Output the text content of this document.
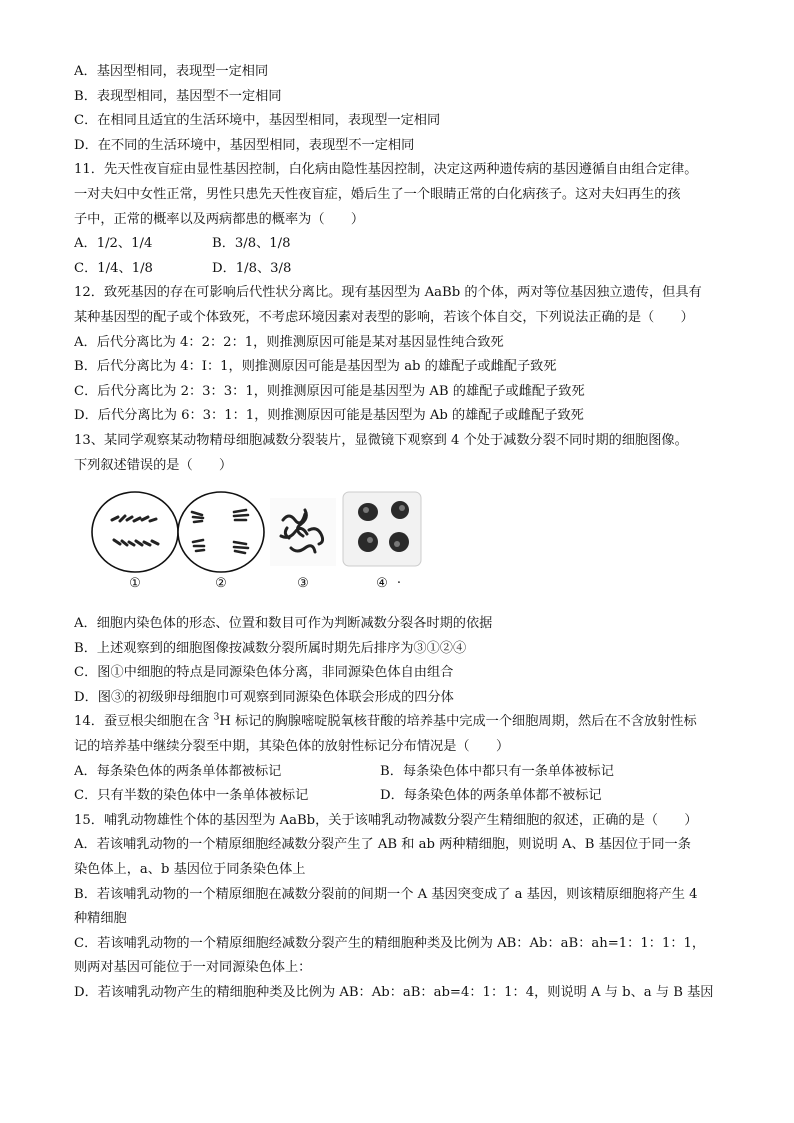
A．基因型相同，表现型一定相同
B．表现型相同，基因型不一定相同
C．在相同且适宜的生活环境中，基因型相同，表现型一定相同
D．在不同的生活环境中，基因型相同，表现型不一定相同
11．先天性夜盲症由显性基因控制，白化病由隐性基因控制，决定这两种遗传病的基因遵循自由组合定律。
一对夫妇中女性正常，男性只患先天性夜盲症，婚后生了一个眼睛正常的白化病孩子。这对夫妇再生的孩
子中，正常的概率以及两病都患的概率为（　　）
A．1/2、1/4	B．3/8、1/8
C．1/4、1/8	D．1/8、3/8
12．致死基因的存在可影响后代性状分离比。现有基因型为 AaBb 的个体，两对等位基因独立遗传，但具有
某种基因型的配子或个体致死，不考虑环境因素对表型的影响，若该个体自交，下列说法正确的是（　　）
A．后代分离比为 4：2：2：1，则推测原因可能是某对基因显性纯合致死
B．后代分离比为 4：I：1，则推测原因可能是基因型为 ab 的雄配子或雌配子致死
C．后代分离比为 2：3：3：1，则推测原因可能是基因型为 AB 的雄配子或雌配子致死
D．后代分离比为 6：3：1：1，则推测原因可能是基因型为 Ab 的雄配子或雌配子致死
13、某同学观察某动物精母细胞减数分裂装片，显微镜下观察到 4 个处于减数分裂不同时期的细胞图像。
下列叙述错误的是（　　）
①	②	③	④ .
A．细胞内染色体的形态、位置和数目可作为判断减数分裂各时期的依据
B．上述观察到的细胞图像按减数分裂所属时期先后排序为③①②④
C．图①中细胞的特点是同源染色体分离，非同源染色体自由组合
D．图③的初级卵母细胞巾可观察到同源染色体联会形成的四分体
14．蚕豆根尖细胞在含 $^3$H 标记的胸腺嘧啶脱氧核苷酸的培养基中完成一个细胞周期，然后在不含放射性标
记的培养基中继续分裂至中期，其染色体的放射性标记分布情况是（　　）
A．每条染色体的两条单体都被标记	B．每条染色体中都只有一条单体被标记
C．只有半数的染色体中一条单体被标记	D．每条染色体的两条单体都不被标记
15．哺乳动物雄性个体的基因型为 AaBb，关于该哺乳动物减数分裂产生精细胞的叙述，正确的是（　　）
A．若该哺乳动物的一个精原细胞经减数分裂产生了 AB 和 ab 两种精细胞，则说明 A、B 基因位于同一条
染色体上，a、b 基因位于同条染色体上
B．若该哺乳动物的一个精原细胞在减数分裂前的间期一个 A 基因突变成了 a 基因，则该精原细胞将产生 4
种精细胞
C．若该哺乳动物的一个精原细胞经减数分裂产生的精细胞种类及比例为 AB：Ab：aB：ah=1：1：1：1，
则两对基因可能位于一对同源染色体上：
D．若该哺乳动物产生的精细胞种类及比例为 AB：Ab：aB：ab=4：1：1：4，则说明 A 与 b、a 与 B 基因
